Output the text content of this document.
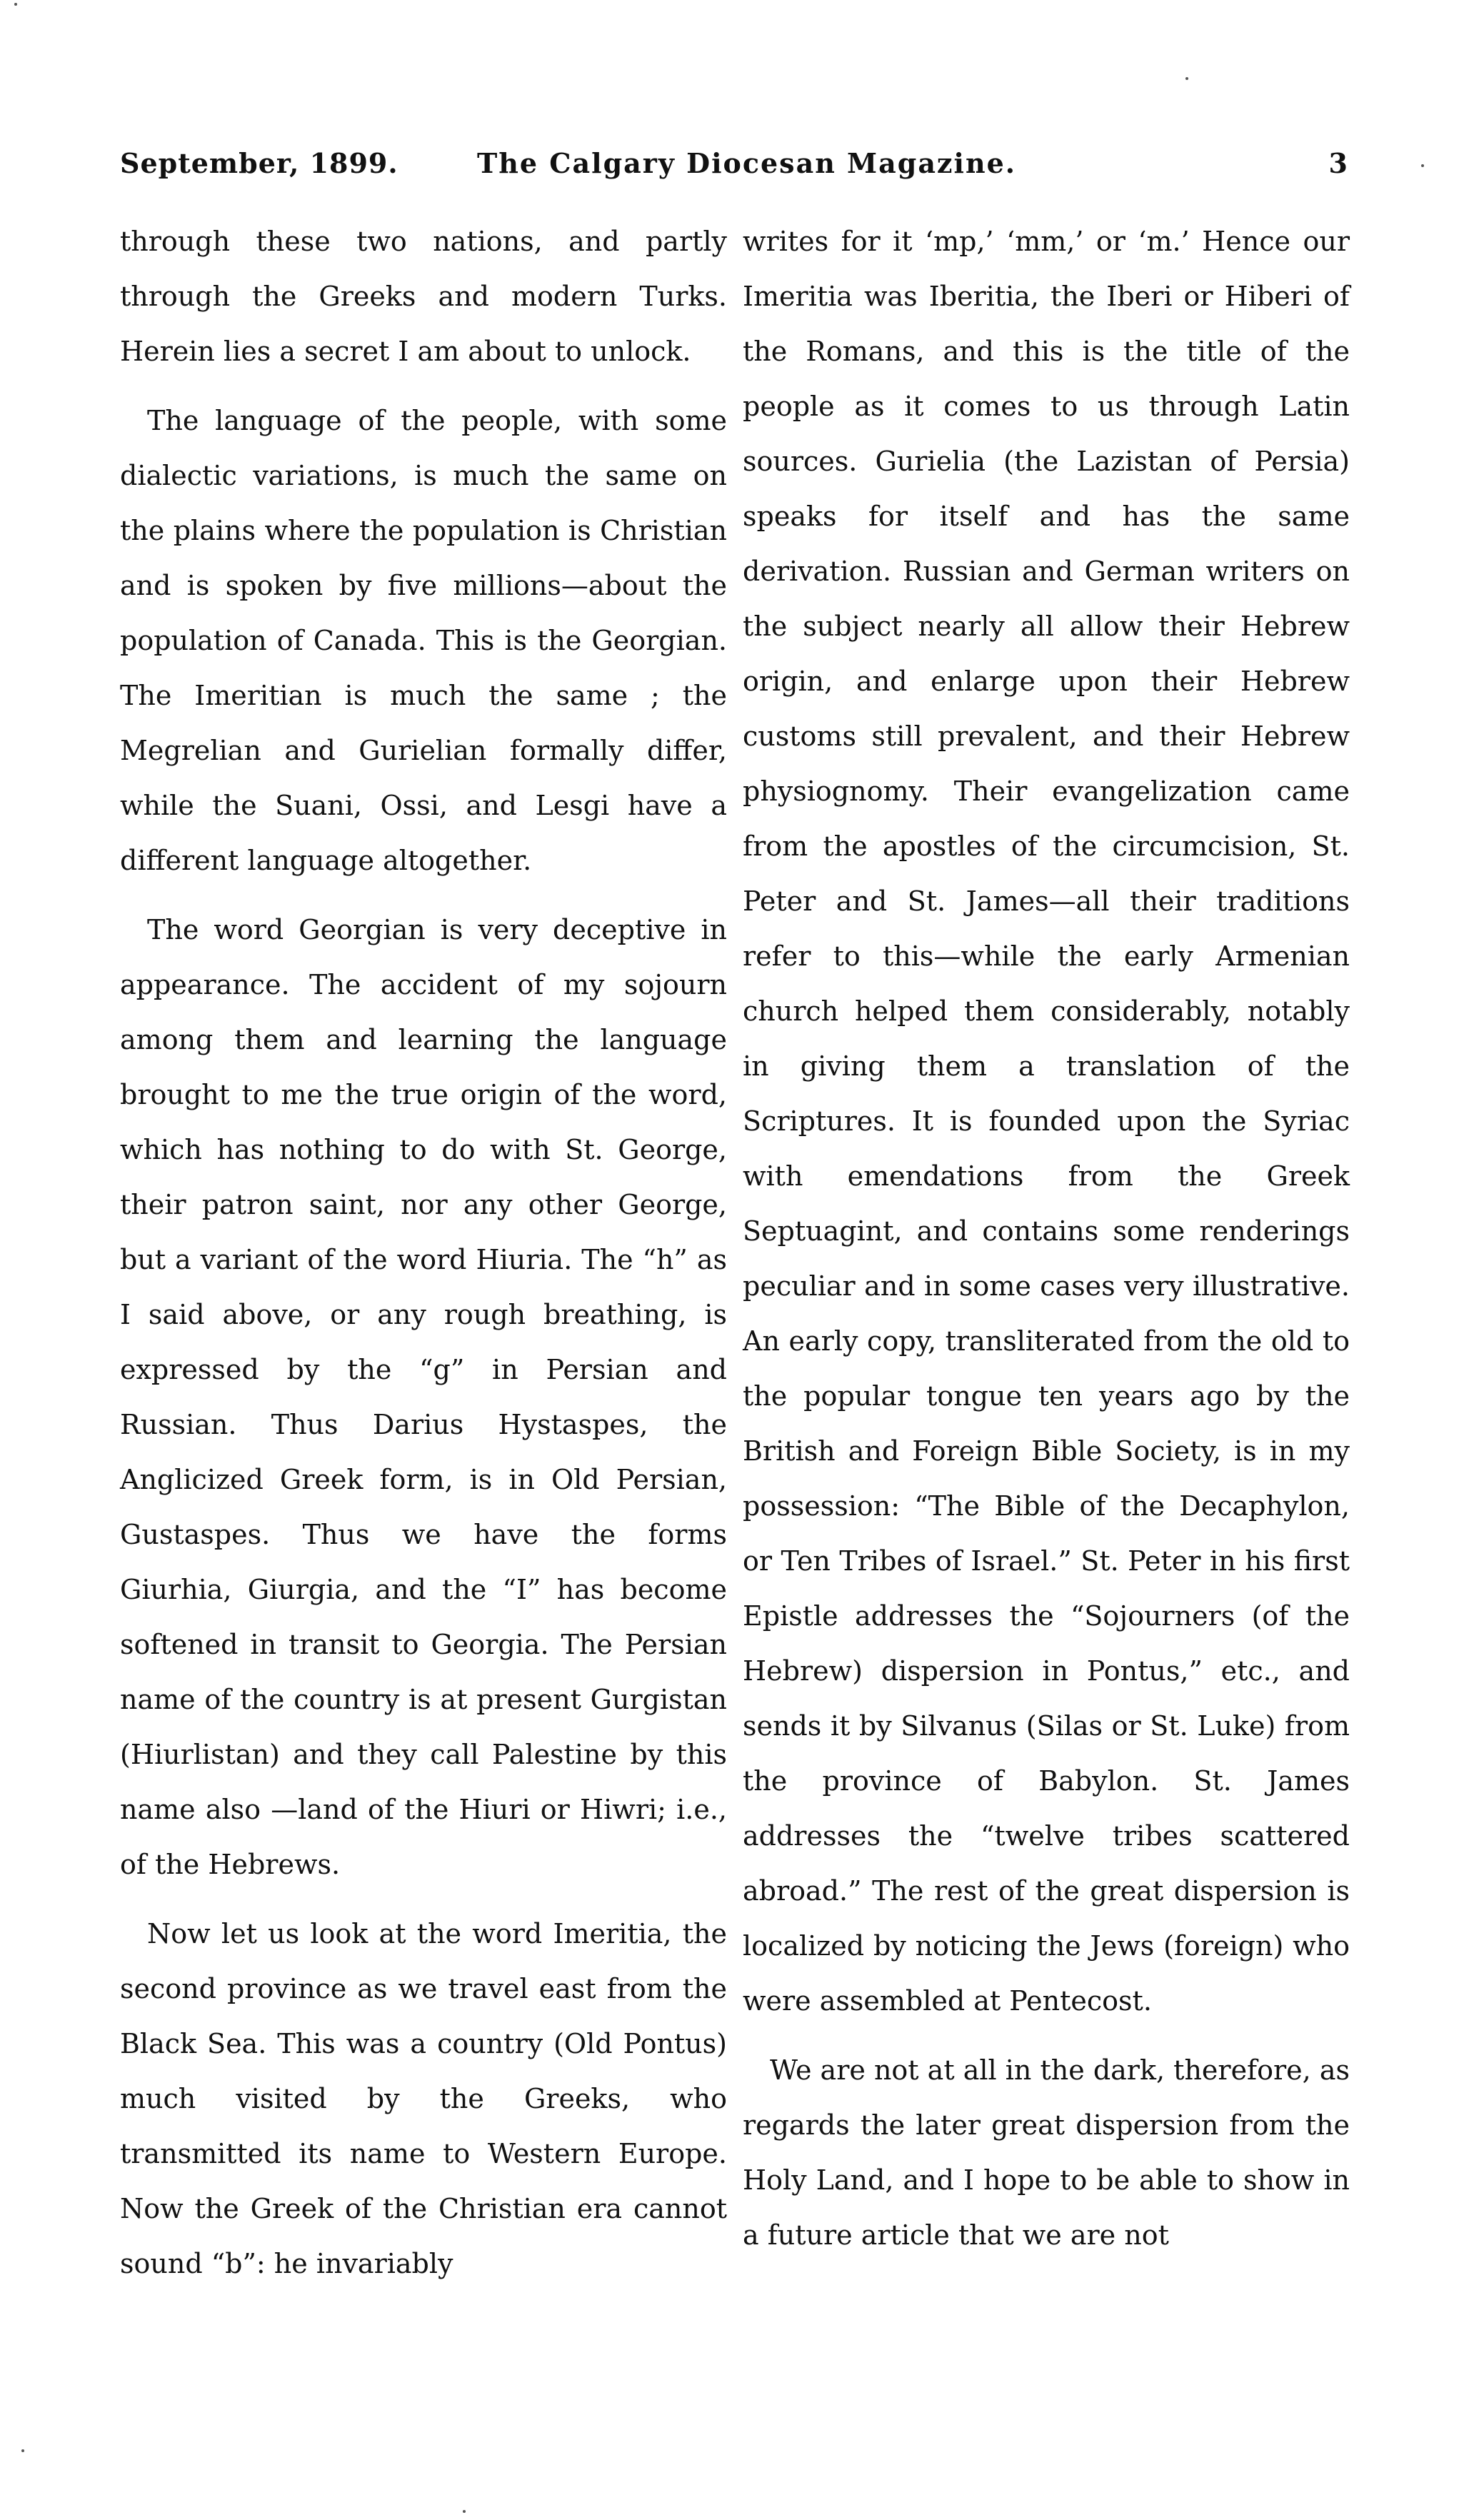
September, 1899.	The Calgary Diocesan Magazine.	3

through these two nations, and partly through the Greeks and modern Turks. Herein lies a secret I am about to unlock.

The language of the people, with some dialectic variations, is much the same on the plains where the population is Christian and is spoken by five millions—about the population of Canada. This is the Georgian. The Imeritian is much the same ; the Megrelian and Gurielian formally differ, while the Suani, Ossi, and Lesgi have a different language altogether.

The word Georgian is very deceptive in appearance. The accident of my sojourn among them and learning the language brought to me the true origin of the word, which has nothing to do with St. George, their patron saint, nor any other George, but a variant of the word Hiuria. The “h” as I said above, or any rough breathing, is expressed by the “g” in Persian and Russian. Thus Darius Hystaspes, the Anglicized Greek form, is in Old Persian, Gustaspes. Thus we have the forms Giurhia, Giurgia, and the “I” has become softened in transit to Georgia. The Persian name of the country is at present Gurgistan (Hiurlistan) and they call Palestine by this name also —land of the Hiuri or Hiwri; i.e., of the Hebrews.

Now let us look at the word Imeritia, the second province as we travel east from the Black Sea. This was a country (Old Pontus) much visited by the Greeks, who transmitted its name to Western Europe. Now the Greek of the Christian era cannot sound “b”: he invariably

writes for it ‘mp,’ ‘mm,’ or ‘m.’ Hence our Imeritia was Iberitia, the Iberi or Hiberi of the Romans, and this is the title of the people as it comes to us through Latin sources. Gurielia (the Lazistan of Persia) speaks for itself and has the same derivation. Russian and German writers on the subject nearly all allow their Hebrew origin, and enlarge upon their Hebrew customs still prevalent, and their Hebrew physiognomy. Their evangelization came from the apostles of the circumcision, St. Peter and St. James—all their traditions refer to this—while the early Armenian church helped them considerably, notably in giving them a translation of the Scriptures. It is founded upon the Syriac with emendations from the Greek Septuagint, and contains some renderings peculiar and in some cases very illustrative. An early copy, transliterated from the old to the popular tongue ten years ago by the British and Foreign Bible Society, is in my possession: “The Bible of the Decaphylon, or Ten Tribes of Israel.” St. Peter in his first Epistle addresses the “Sojourners (of the Hebrew) dispersion in Pontus,” etc., and sends it by Silvanus (Silas or St. Luke) from the province of Babylon. St. James addresses the “twelve tribes scattered abroad.” The rest of the great dispersion is localized by noticing the Jews (foreign) who were assembled at Pentecost.

We are not at all in the dark, therefore, as regards the later great dispersion from the Holy Land, and I hope to be able to show in a future article that we are not
